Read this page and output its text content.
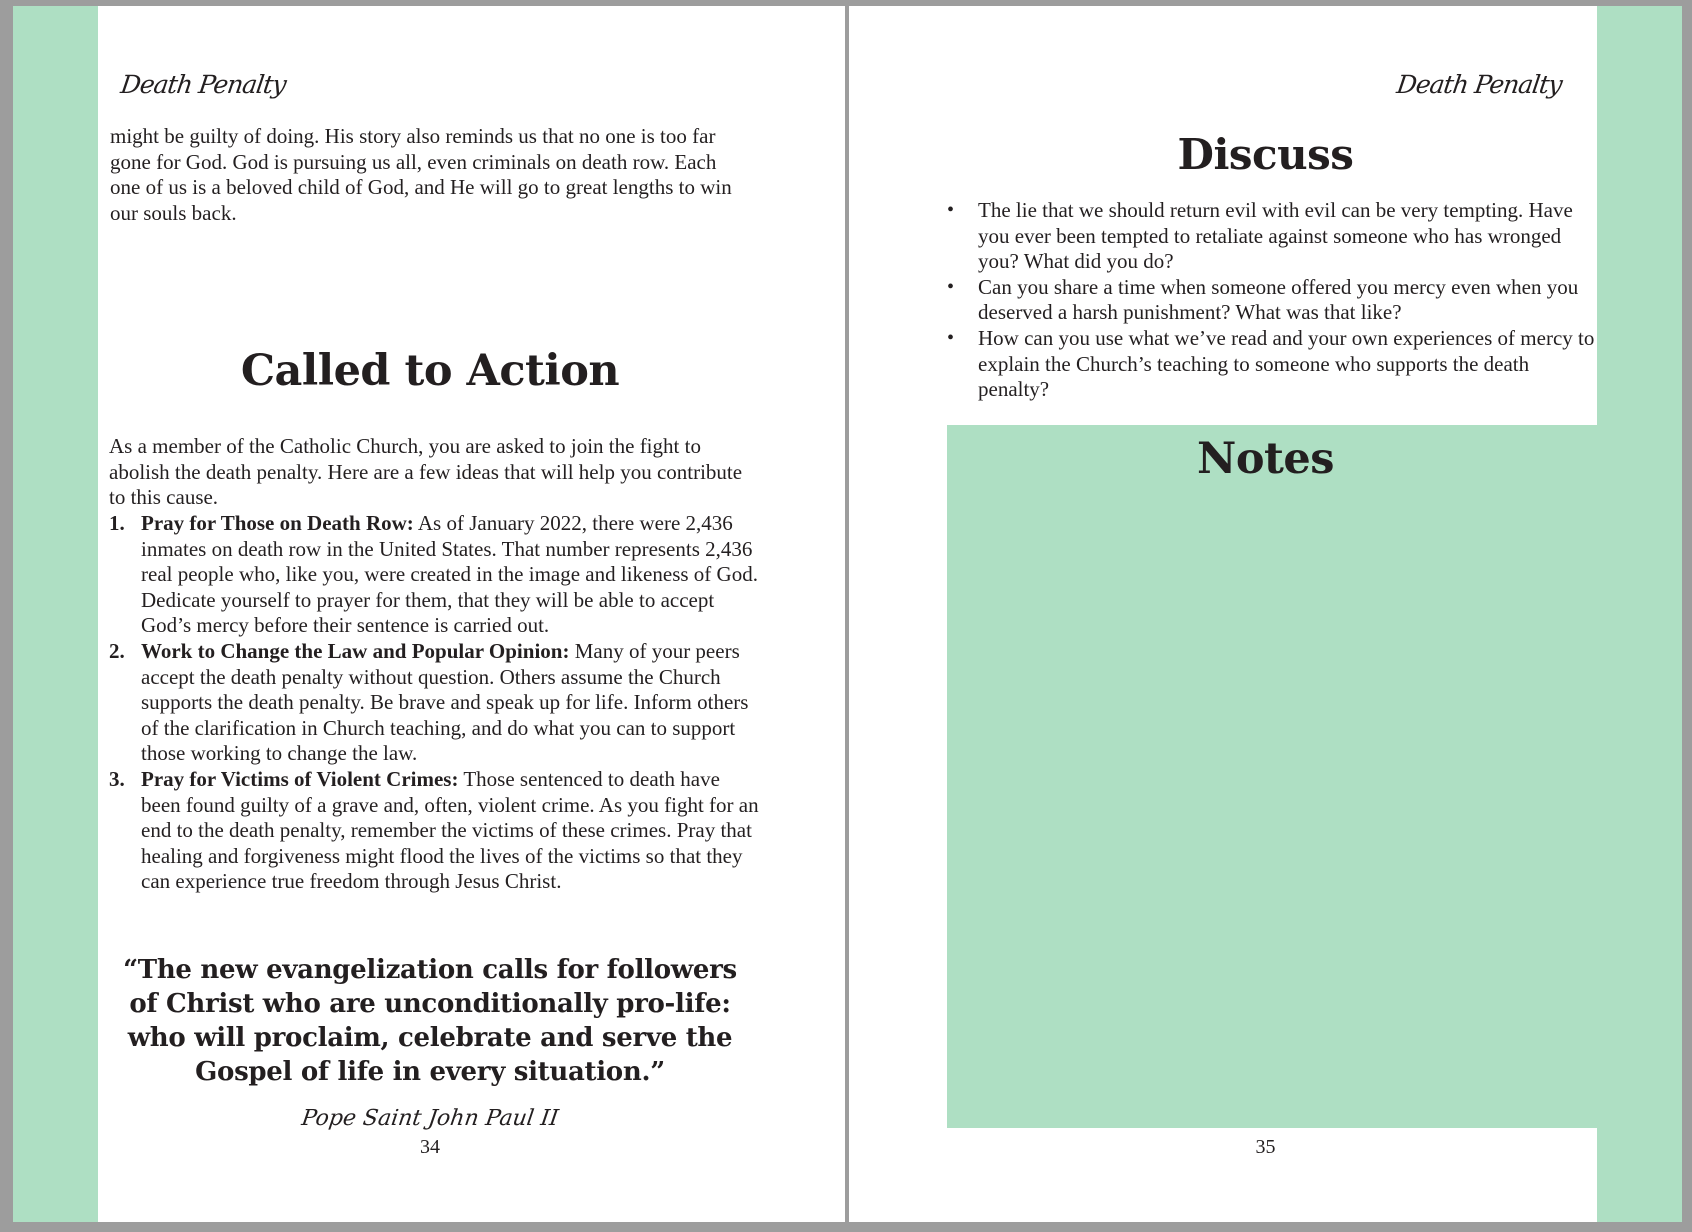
Death Penalty

might be guilty of doing. His story also reminds us that no one is too far gone for God. God is pursuing us all, even criminals on death row. Each one of us is a beloved child of God, and He will go to great lengths to win our souls back.

Called to Action

As a member of the Catholic Church, you are asked to join the fight to abolish the death penalty. Here are a few ideas that will help you contribute to this cause.

1. Pray for Those on Death Row: As of January 2022, there were 2,436 inmates on death row in the United States. That number represents 2,436 real people who, like you, were created in the image and likeness of God. Dedicate yourself to prayer for them, that they will be able to accept God’s mercy before their sentence is carried out.
2. Work to Change the Law and Popular Opinion: Many of your peers accept the death penalty without question. Others assume the Church supports the death penalty. Be brave and speak up for life. Inform others of the clarification in Church teaching, and do what you can to support those working to change the law.
3. Pray for Victims of Violent Crimes: Those sentenced to death have been found guilty of a grave and, often, violent crime. As you fight for an end to the death penalty, remember the victims of these crimes. Pray that healing and forgiveness might flood the lives of the victims so that they can experience true freedom through Jesus Christ.

“The new evangelization calls for followers of Christ who are unconditionally pro-life: who will proclaim, celebrate and serve the Gospel of life in every situation.”

Pope Saint John Paul II
34
Death Penalty
Discuss
• The lie that we should return evil with evil can be very tempting. Have you ever been tempted to retaliate against someone who has wronged you? What did you do?
• Can you share a time when someone offered you mercy even when you deserved a harsh punishment? What was that like?
• How can you use what we’ve read and your own experiences of mercy to explain the Church’s teaching to someone who supports the death penalty?
Notes
35
